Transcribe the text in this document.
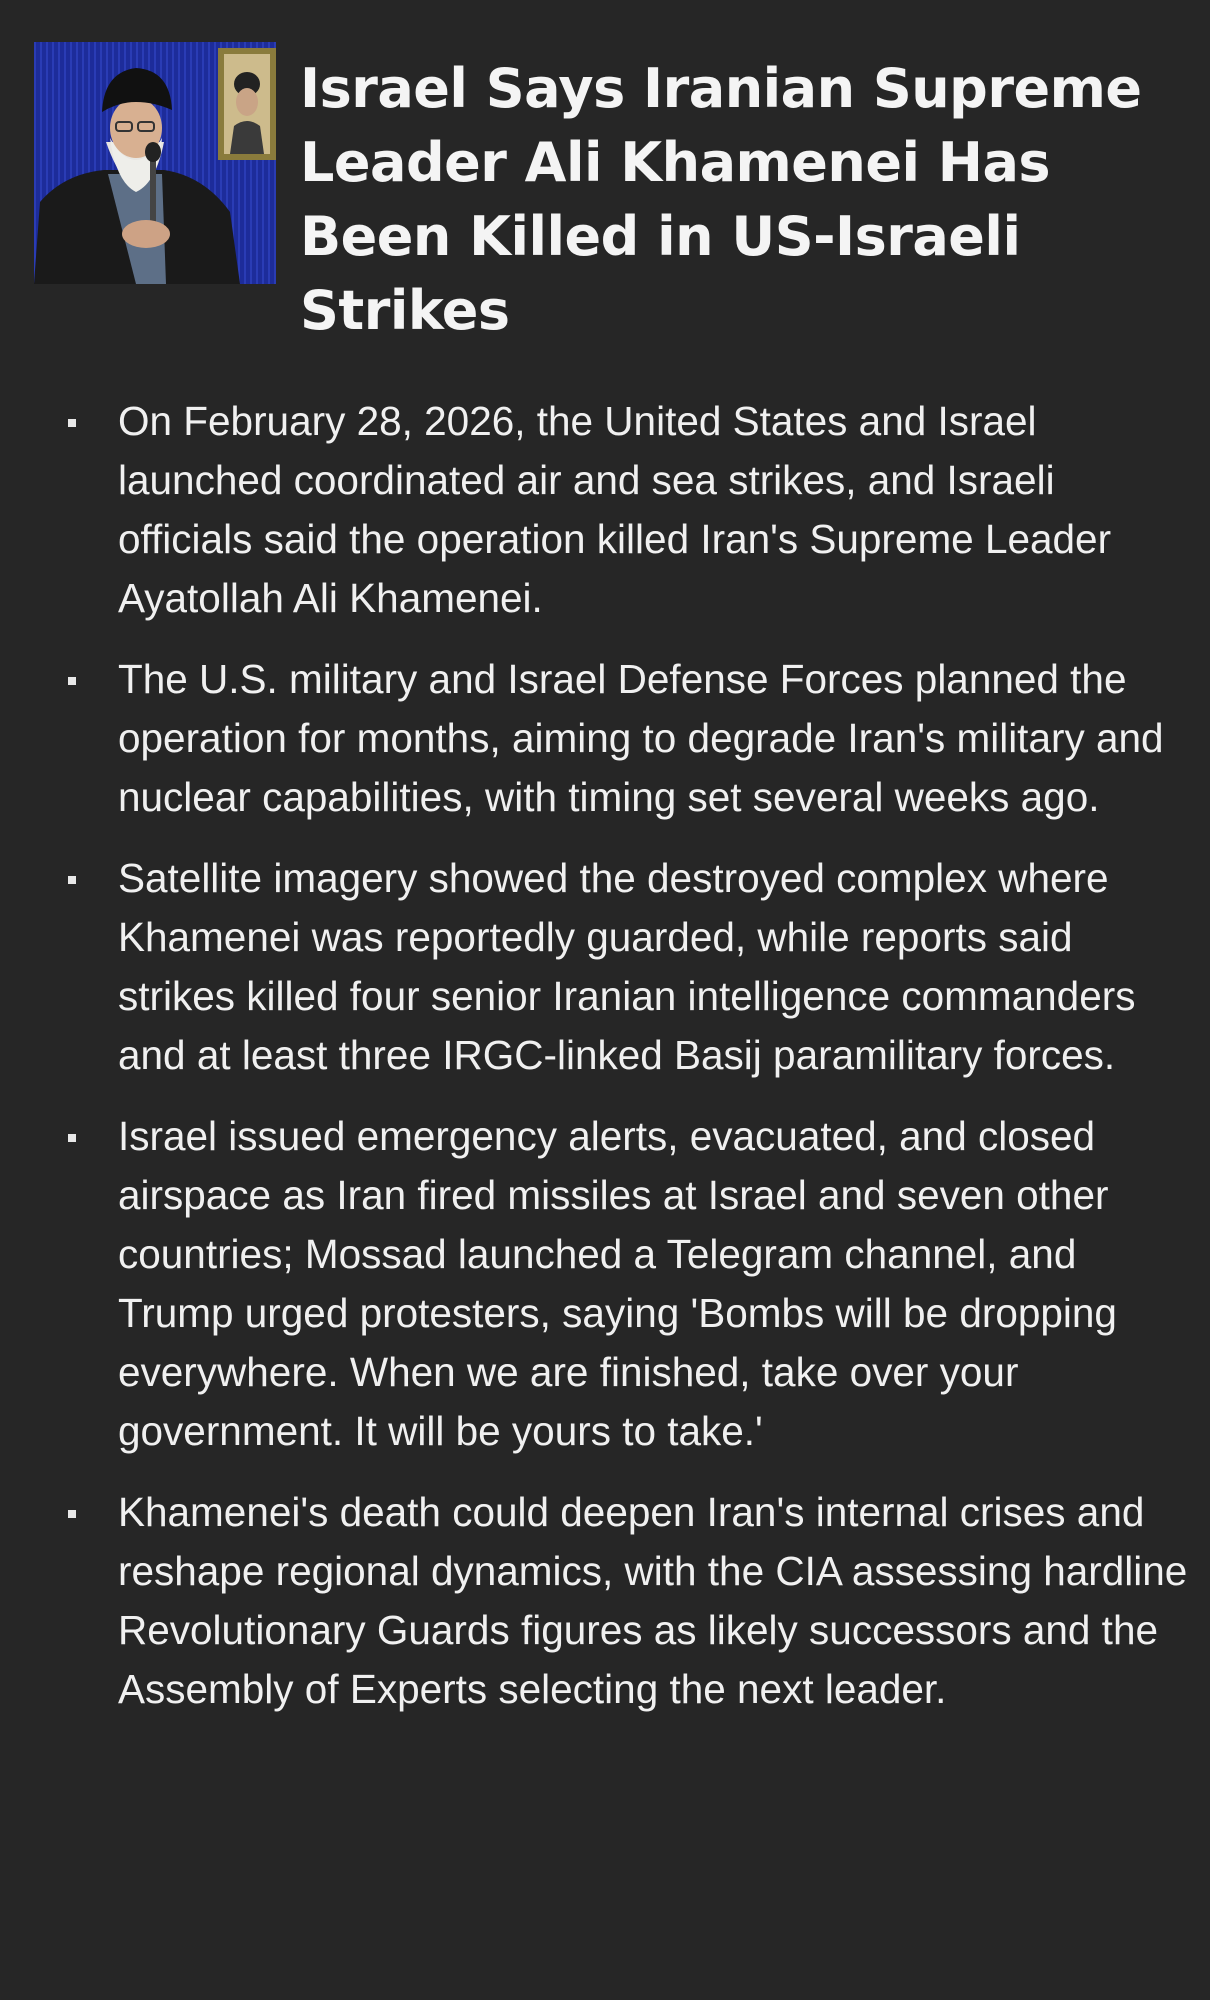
Israel Says Iranian Supreme Leader Ali Khamenei Has Been Killed in US-Israeli Strikes
On February 28, 2026, the United States and Israel launched coordinated air and sea strikes, and Israeli officials said the operation killed Iran's Supreme Leader Ayatollah Ali Khamenei.
The U.S. military and Israel Defense Forces planned the operation for months, aiming to degrade Iran's military and nuclear capabilities, with timing set several weeks ago.
Satellite imagery showed the destroyed complex where Khamenei was reportedly guarded, while reports said strikes killed four senior Iranian intelligence commanders and at least three IRGC-linked Basij paramilitary forces.
Israel issued emergency alerts, evacuated, and closed airspace as Iran fired missiles at Israel and seven other countries; Mossad launched a Telegram channel, and Trump urged protesters, saying 'Bombs will be dropping everywhere. When we are finished, take over your government. It will be yours to take.'
Khamenei's death could deepen Iran's internal crises and reshape regional dynamics, with the CIA assessing hardline Revolutionary Guards figures as likely successors and the Assembly of Experts selecting the next leader.
